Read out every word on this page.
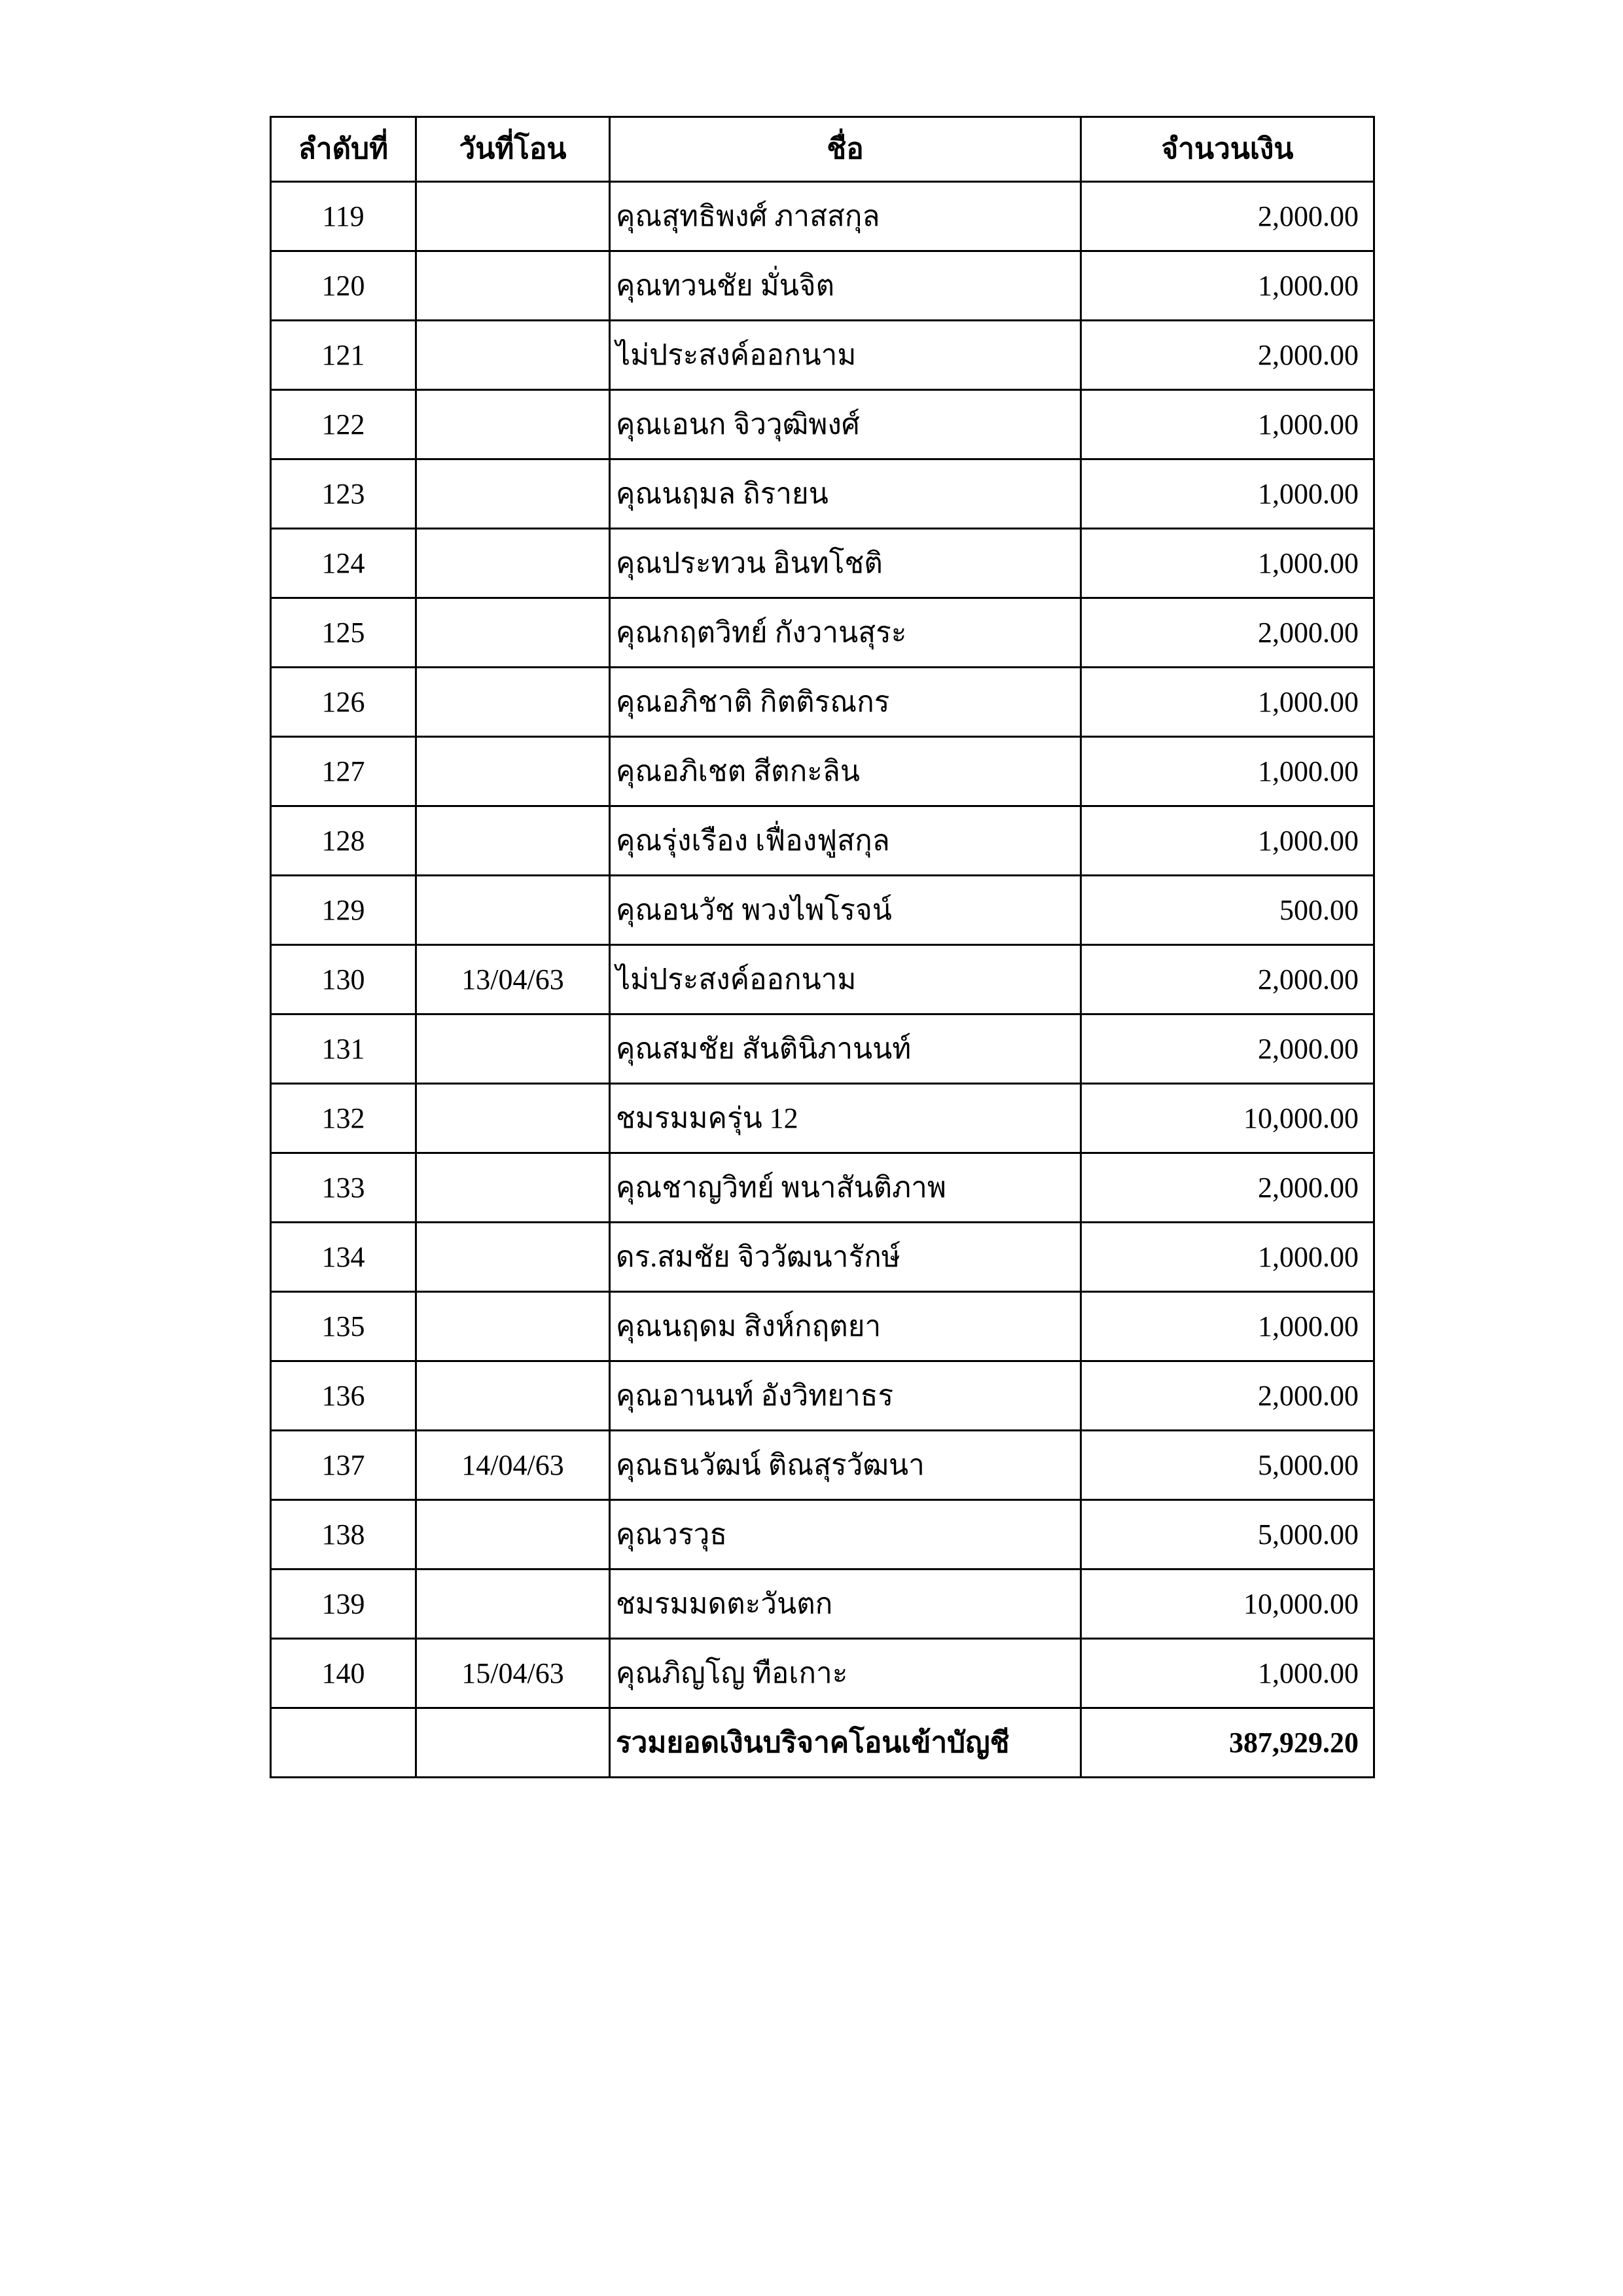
ลำดับที่	วันที่โอน	ชื่อ	จำนวนเงิน
119		คุณสุทธิพงศ์ ภาสสกุล	2,000.00
120		คุณทวนชัย มั่นจิต	1,000.00
121		ไม่ประสงค์ออกนาม	2,000.00
122		คุณเอนก จิววุฒิพงศ์	1,000.00
123		คุณนฤมล ถิรายน	1,000.00
124		คุณประทวน อินทโชติ	1,000.00
125		คุณกฤตวิทย์ กังวานสุระ	2,000.00
126		คุณอภิชาติ กิตติรณกร	1,000.00
127		คุณอภิเชต สีตกะลิน	1,000.00
128		คุณรุ่งเรือง เฟื่องฟูสกุล	1,000.00
129		คุณอนวัช พวงไพโรจน์	500.00
130	13/04/63	ไม่ประสงค์ออกนาม	2,000.00
131		คุณสมชัย สันตินิภานนท์	2,000.00
132		ชมรมมครุ่น 12	10,000.00
133		คุณชาญวิทย์ พนาสันติภาพ	2,000.00
134		ดร.สมชัย จิววัฒนารักษ์	1,000.00
135		คุณนฤดม สิงห์กฤตยา	1,000.00
136		คุณอานนท์ อังวิทยาธร	2,000.00
137	14/04/63	คุณธนวัฒน์ ติณสุรวัฒนา	5,000.00
138		คุณวรวุธ	5,000.00
139		ชมรมมดตะวันตก	10,000.00
140	15/04/63	คุณภิญโญ ทือเกาะ	1,000.00
		รวมยอดเงินบริจาคโอนเข้าบัญชี	387,929.20
